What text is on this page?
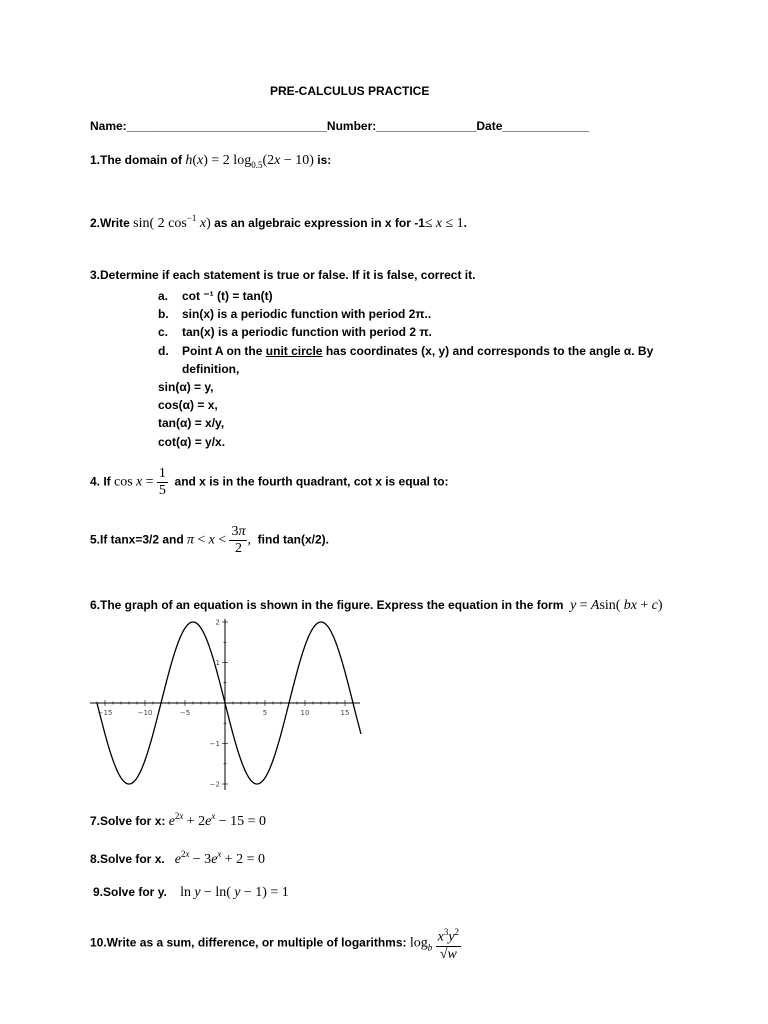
PRE-CALCULUS PRACTICE
Name:______________________________Number:_______________Date_____________
1.The domain of h(x) = 2 $\log_{0.5}(2x - 10)$ is:
2.Write sin( 2 $\cos^{-1} x$) as an algebraic expression in x for -1≤ x ≤ 1.
3.Determine if each statement is true or false. If it is false, correct it.
a. cot ⁻¹ (t) = tan(t)
b. sin(x) is a periodic function with period 2π..
c. tan(x) is a periodic function with period 2 π.
d. Point A on the unit circle has coordinates (x, y) and corresponds to the angle α. By
definition,
sin(α) = y,
cos(α) = x,
tan(α) = x/y,
cot(α) = y/x.
4. If $\cos x = \frac{1}{5}$ and x is in the fourth quadrant, cot x is equal to:
5.If tanx=3/2 and $\pi < x < \frac{3\pi}{2}$ , find tan(x/2).
6.The graph of an equation is shown in the figure. Express the equation in the form y = Asin( bx + c)
−15	−10	−5	5	10	15
−2
−1
1
2
7.Solve for x: $e^{2x} + 2e^x - 15 = 0$
8.Solve for x. $e^{2x} - 3e^x + 2 = 0$
9.Solve for y. ln y − ln( y − 1) = 1
10.Write as a sum, difference, or multiple of logarithms: $\log_b \frac{x^3y^2}{√w}$
